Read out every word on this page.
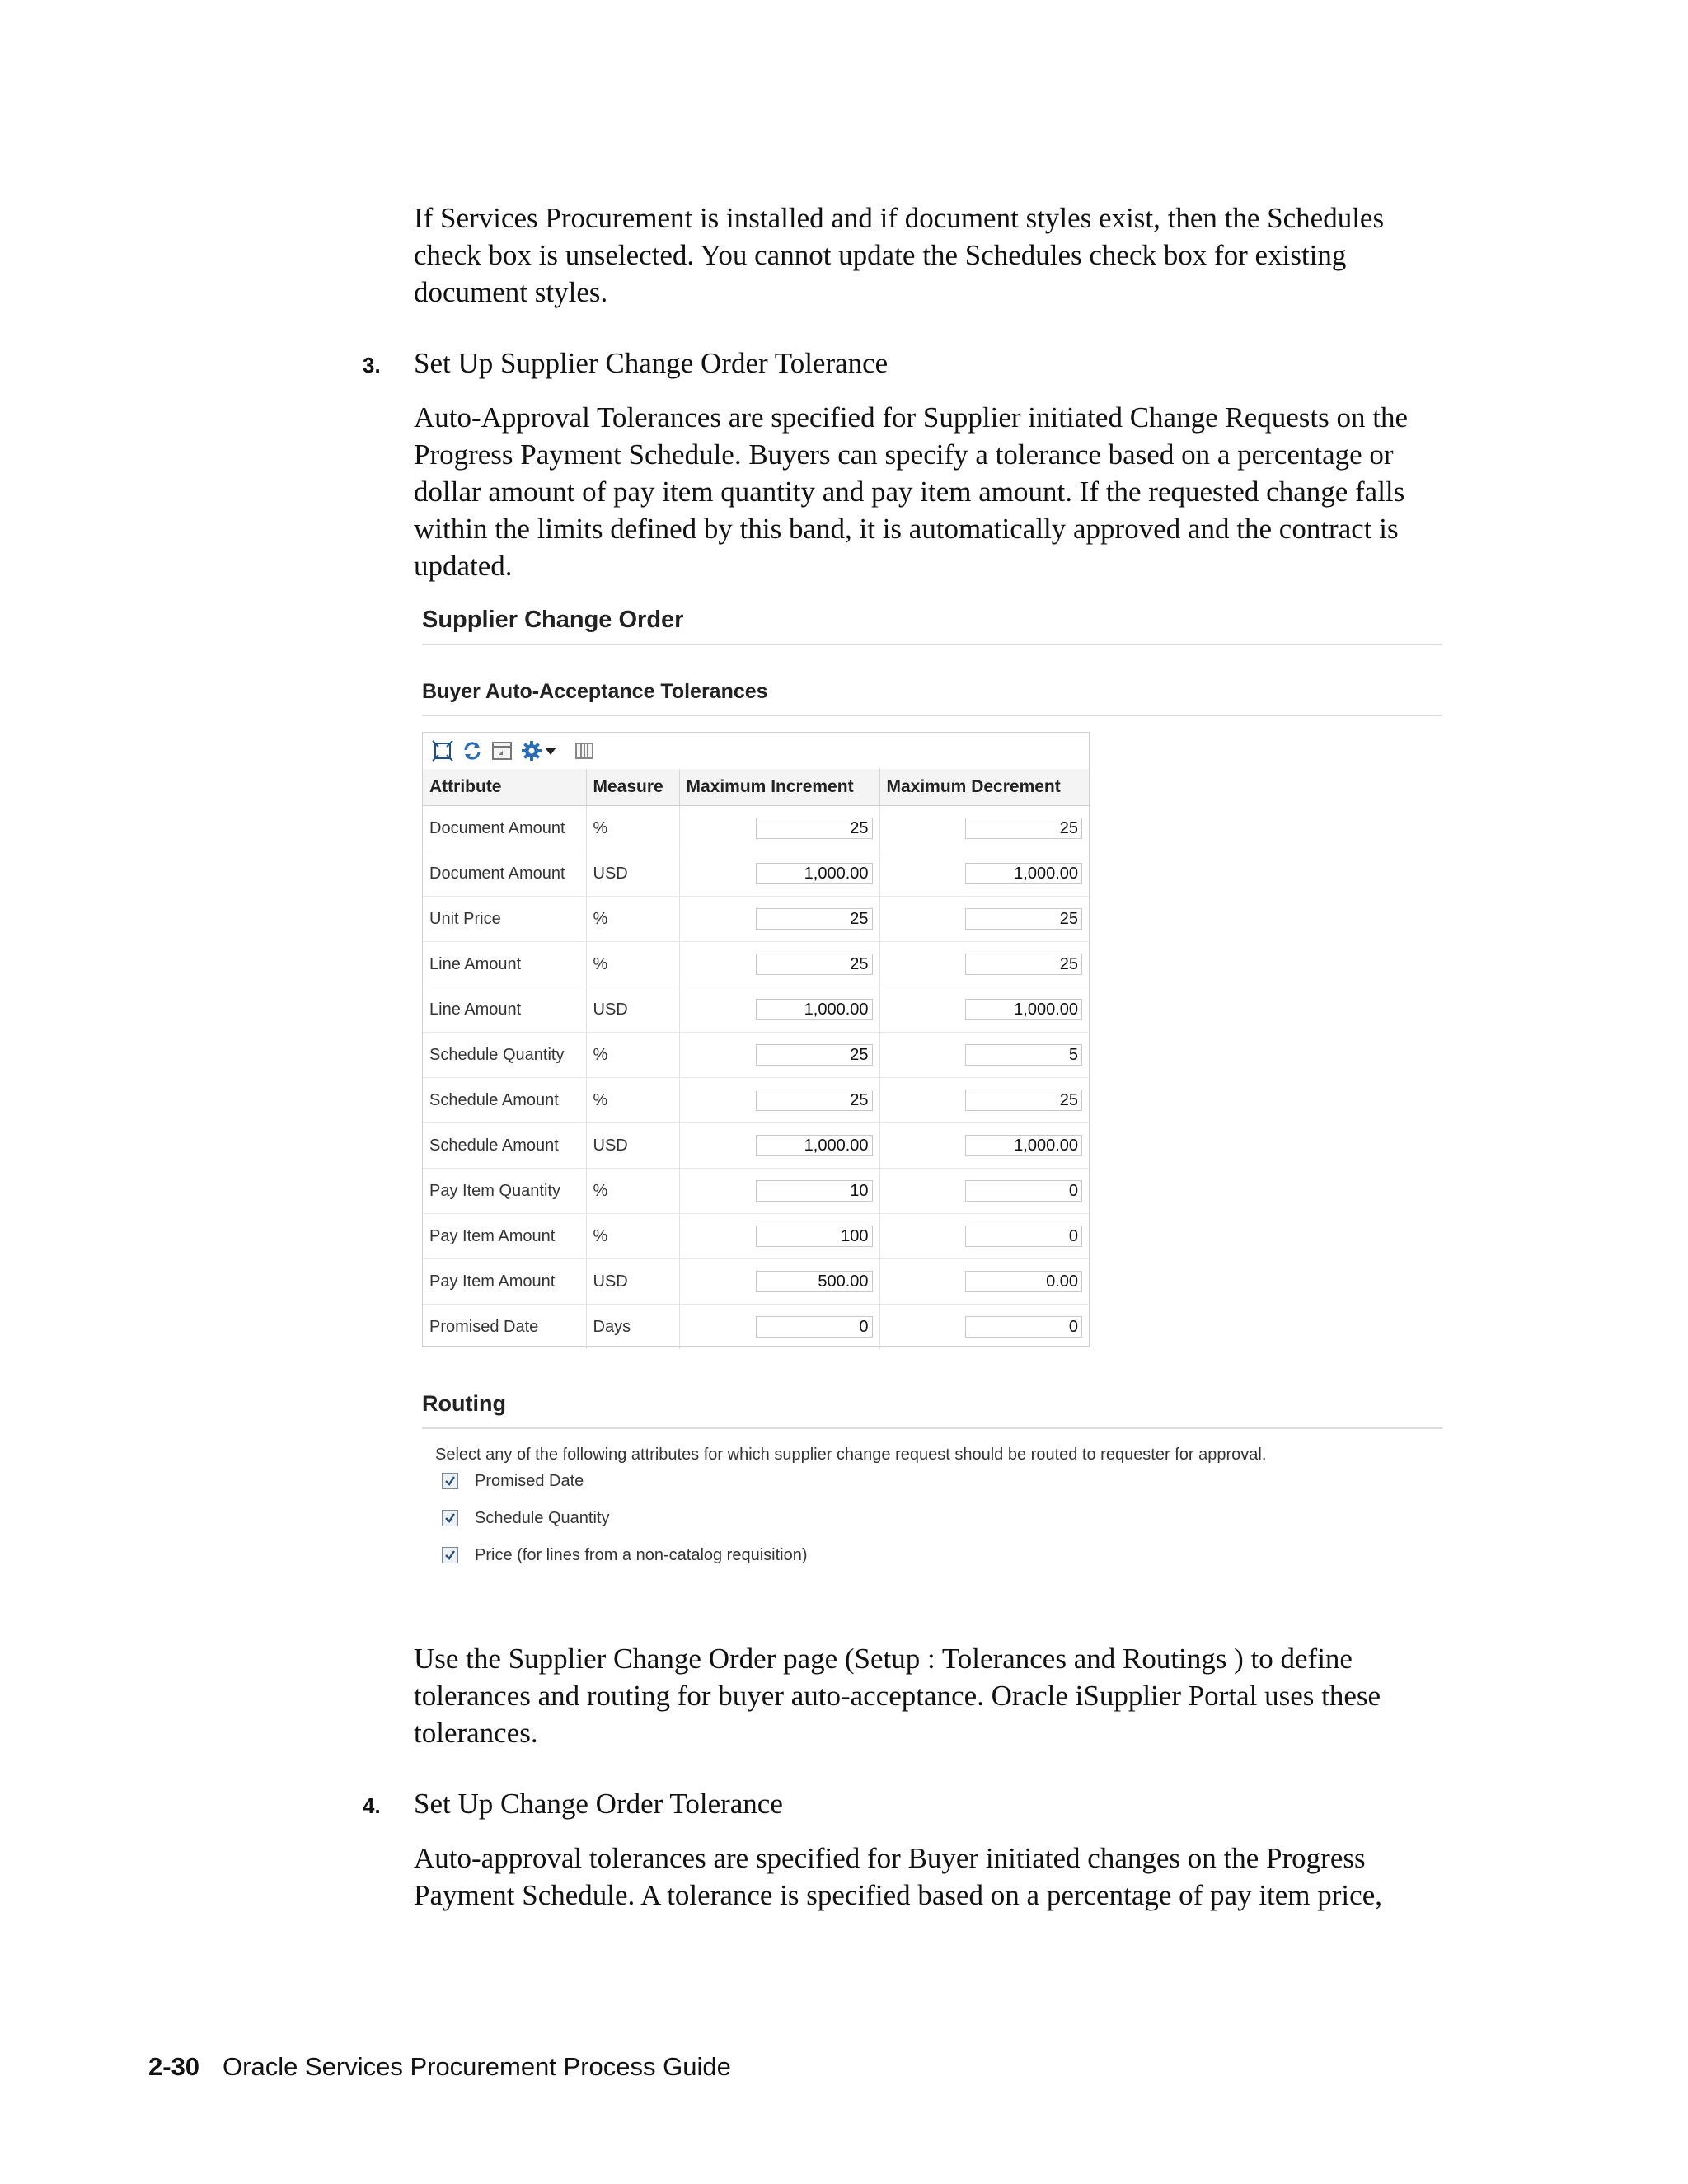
If Services Procurement is installed and if document styles exist, then the Schedules check box is unselected. You cannot update the Schedules check box for existing document styles.
3. Set Up Supplier Change Order Tolerance
Auto-Approval Tolerances are specified for Supplier initiated Change Requests on the Progress Payment Schedule. Buyers can specify a tolerance based on a percentage or dollar amount of pay item quantity and pay item amount. If the requested change falls within the limits defined by this band, it is automatically approved and the contract is updated.
Supplier Change Order
Buyer Auto-Acceptance Tolerances
Attribute	Measure	Maximum Increment	Maximum Decrement
Document Amount	%	25	25
Document Amount	USD	1,000.00	1,000.00
Unit Price	%	25	25
Line Amount	%	25	25
Line Amount	USD	1,000.00	1,000.00
Schedule Quantity	%	25	5
Schedule Amount	%	25	25
Schedule Amount	USD	1,000.00	1,000.00
Pay Item Quantity	%	10	0
Pay Item Amount	%	100	0
Pay Item Amount	USD	500.00	0.00
Promised Date	Days	0	0
Routing
Select any of the following attributes for which supplier change request should be routed to requester for approval.
Promised Date
Schedule Quantity
Price (for lines from a non-catalog requisition)
Use the Supplier Change Order page (Setup : Tolerances and Routings ) to define tolerances and routing for buyer auto-acceptance. Oracle iSupplier Portal uses these tolerances.
4. Set Up Change Order Tolerance
Auto-approval tolerances are specified for Buyer initiated changes on the Progress Payment Schedule. A tolerance is specified based on a percentage of pay item price,
2-30 Oracle Services Procurement Process Guide
